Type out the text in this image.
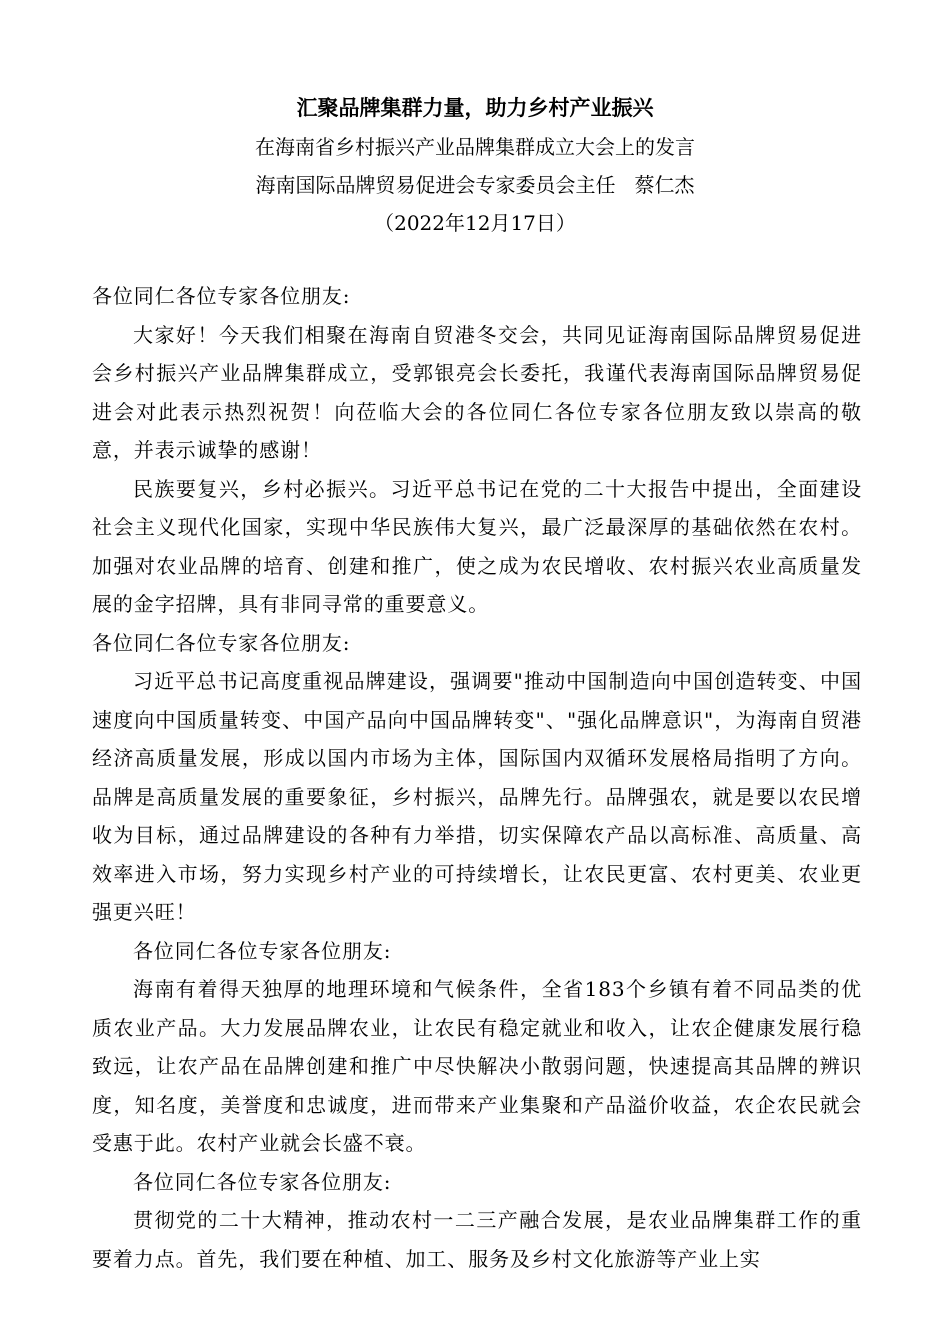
汇聚品牌集群力量，助力乡村产业振兴

在海南省乡村振兴产业品牌集群成立大会上的发言

海南国际品牌贸易促进会专家委员会主任   蔡仁杰

（2022年12月17日）

各位同仁各位专家各位朋友:

大家好！今天我们相聚在海南自贸港冬交会，共同见证海南国际品牌贸易促进会乡村振兴产业品牌集群成立，受郭银亮会长委托，我谨代表海南国际品牌贸易促进会对此表示热烈祝贺！向莅临大会的各位同仁各位专家各位朋友致以崇高的敬意，并表示诚挚的感谢！

民族要复兴，乡村必振兴。习近平总书记在党的二十大报告中提出，全面建设社会主义现代化国家，实现中华民族伟大复兴，最广泛最深厚的基础依然在农村。加强对农业品牌的培育、创建和推广，使之成为农民增收、农村振兴农业高质量发展的金字招牌，具有非同寻常的重要意义。

各位同仁各位专家各位朋友:

习近平总书记高度重视品牌建设，强调要"推动中国制造向中国创造转变、中国速度向中国质量转变、中国产品向中国品牌转变"、"强化品牌意识"，为海南自贸港经济高质量发展，形成以国内市场为主体，国际国内双循环发展格局指明了方向。品牌是高质量发展的重要象征，乡村振兴，品牌先行。品牌强农，就是要以农民增收为目标，通过品牌建设的各种有力举措，切实保障农产品以高标准、高质量、高效率进入市场，努力实现乡村产业的可持续增长，让农民更富、农村更美、农业更强更兴旺！

各位同仁各位专家各位朋友:

海南有着得天独厚的地理环境和气候条件，全省183个乡镇有着不同品类的优质农业产品。大力发展品牌农业，让农民有稳定就业和收入，让农企健康发展行稳致远，让农产品在品牌创建和推广中尽快解决小散弱问题，快速提高其品牌的辨识度，知名度，美誉度和忠诚度，进而带来产业集聚和产品溢价收益，农企农民就会受惠于此。农村产业就会长盛不衰。

各位同仁各位专家各位朋友:

贯彻党的二十大精神，推动农村一二三产融合发展，是农业品牌集群工作的重要着力点。首先，我们要在种植、加工、服务及乡村文化旅游等产业上实
